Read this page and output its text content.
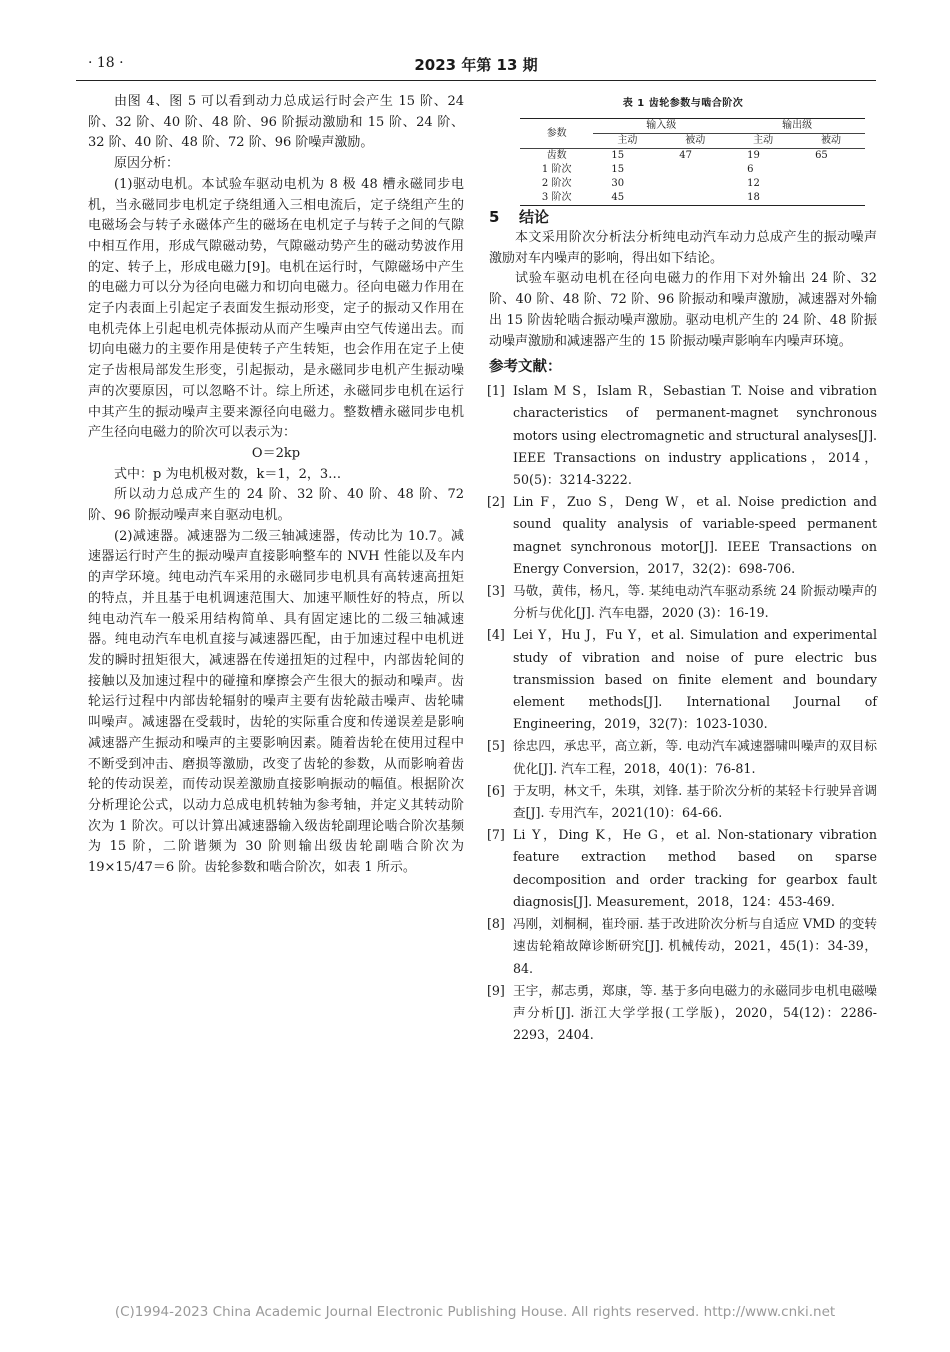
· 18 ·	2023 年第 13 期

由图 4、图 5 可以看到动力总成运行时会产生 15 阶、24 阶、32 阶、40 阶、48 阶、96 阶振动激励和 15 阶、24 阶、32 阶、40 阶、48 阶、72 阶、96 阶噪声激励。

原因分析：

(1)驱动电机。本试验车驱动电机为 8 极 48 槽永磁同步电机，当永磁同步电机定子绕组通入三相电流后，定子绕组产生的电磁场会与转子永磁体产生的磁场在电机定子与转子之间的气隙中相互作用，形成气隙磁动势，气隙磁动势产生的磁动势波作用的定、转子上，形成电磁力[9]。电机在运行时，气隙磁场中产生的电磁力可以分为径向电磁力和切向电磁力。径向电磁力作用在定子内表面上引起定子表面发生振动形变，定子的振动又作用在电机壳体上引起电机壳体振动从而产生噪声由空气传递出去。而切向电磁力的主要作用是使转子产生转矩，也会作用在定子上使定子齿根局部发生形变，引起振动，是永磁同步电机产生振动噪声的次要原因，可以忽略不计。综上所述，永磁同步电机在运行中其产生的振动噪声主要来源径向电磁力。整数槽永磁同步电机产生径向电磁力的阶次可以表示为：

O＝2kp

式中：p 为电机极对数，k＝1，2，3…

所以动力总成产生的 24 阶、32 阶、40 阶、48 阶、72 阶、96 阶振动噪声来自驱动电机。

(2)减速器。减速器为二级三轴减速器，传动比为 10.7。减速器运行时产生的振动噪声直接影响整车的 NVH 性能以及车内的声学环境。纯电动汽车采用的永磁同步电机具有高转速高扭矩的特点，并且基于电机调速范围大、加速平顺性好的特点，所以纯电动汽车一般采用结构简单、具有固定速比的二级三轴减速器。纯电动汽车电机直接与减速器匹配，由于加速过程中电机迸发的瞬时扭矩很大，减速器在传递扭矩的过程中，内部齿轮间的接触以及加速过程中的碰撞和摩擦会产生很大的振动和噪声。齿轮运行过程中内部齿轮辐射的噪声主要有齿轮敲击噪声、齿轮啸叫噪声。减速器在受载时，齿轮的实际重合度和传递误差是影响减速器产生振动和噪声的主要影响因素。随着齿轮在使用过程中不断受到冲击、磨损等激励，改变了齿轮的参数，从而影响着齿轮的传动误差，而传动误差激励直接影响振动的幅值。根据阶次分析理论公式，以动力总成电机转轴为参考轴，并定义其转动阶次为 1 阶次。可以计算出减速器输入级齿轮副理论啮合阶次基频为 15 阶，二阶谐频为 30 阶则输出级齿轮副啮合阶次为 19×15/47＝6 阶。齿轮参数和啮合阶次，如表 1 所示。

表 1 齿轮参数与啮合阶次
参数	输入级		输出级	
	主动	被动	主动	被动
齿数	15	47	19	65
1 阶次	15		6	
2 阶次	30		12	
3 阶次	45		18	
5 结论

本文采用阶次分析法分析纯电动汽车动力总成产生的振动噪声激励对车内噪声的影响，得出如下结论。

试验车驱动电机在径向电磁力的作用下对外输出 24 阶、32 阶、40 阶、48 阶、72 阶、96 阶振动和噪声激励，减速器对外输出 15 阶齿轮啮合振动噪声激励。驱动电机产生的 24 阶、48 阶振动噪声激励和减速器产生的 15 阶振动噪声影响车内噪声环境。

参考文献：

[1] Islam M S，Islam R，Sebastian T. Noise and vibration characteristics of permanent-magnet synchronous motors using electromagnetic and structural analyses[J]. IEEE Transactions on industry applications，2014，50(5)：3214-3222.

[2] Lin F，Zuo S，Deng W，et al. Noise prediction and sound quality analysis of variable-speed permanent magnet synchronous motor[J]. IEEE Transactions on Energy Conversion，2017，32(2)：698-706.

[3] 马敬，黄伟，杨凡，等. 某纯电动汽车驱动系统 24 阶振动噪声的分析与优化[J]. 汽车电器，2020 (3)：16-19.

[4] Lei Y，Hu J，Fu Y，et al. Simulation and experimental study of vibration and noise of pure electric bus transmission based on finite element and boundary element methods[J]. International Journal of Engineering，2019，32(7)：1023-1030.

[5] 徐忠四，承忠平，高立新，等. 电动汽车减速器啸叫噪声的双目标优化[J]. 汽车工程，2018，40(1)：76-81.

[6] 于友明，林文千，朱琪，刘锋. 基于阶次分析的某轻卡行驶异音调查[J]. 专用汽车，2021(10)：64-66.

[7] Li Y，Ding K，He G，et al. Non-stationary vibration feature extraction method based on sparse decomposition and order tracking for gearbox fault diagnosis[J]. Measurement，2018，124：453-469.

[8] 冯刚，刘桐桐，崔玲丽. 基于改进阶次分析与自适应 VMD 的变转速齿轮箱故障诊断研究[J]. 机械传动，2021，45(1)：34-39，84.

[9] 王宇，郝志勇，郑康，等. 基于多向电磁力的永磁同步电机电磁噪声分析[J]. 浙江大学学报(工学版)，2020，54(12)：2286-2293，2404.

(C)1994-2023 China Academic Journal Electronic Publishing House. All rights reserved. http://www.cnki.net
